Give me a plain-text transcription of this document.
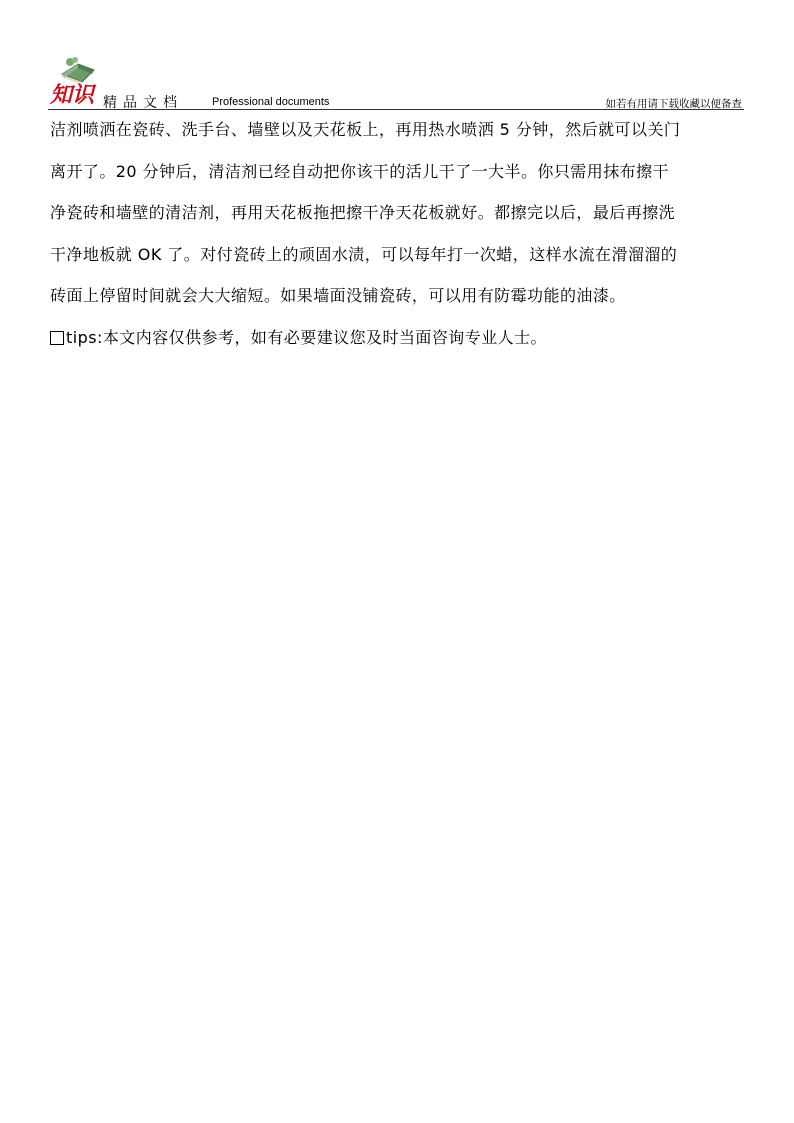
知识 精品文档	Professional documents	如若有用请下载收藏以便备查
洁剂喷洒在瓷砖、洗手台、墙壁以及天花板上，再用热水喷洒 5 分钟，然后就可以关门
离开了。20 分钟后，清洁剂已经自动把你该干的活儿干了一大半。你只需用抹布擦干
净瓷砖和墙壁的清洁剂，再用天花板拖把擦干净天花板就好。都擦完以后，最后再擦洗
干净地板就 OK 了。对付瓷砖上的顽固水渍，可以每年打一次蜡，这样水流在滑溜溜的
砖面上停留时间就会大大缩短。如果墙面没铺瓷砖，可以用有防霉功能的油漆。
tips:本文内容仅供参考，如有必要建议您及时当面咨询专业人士。
